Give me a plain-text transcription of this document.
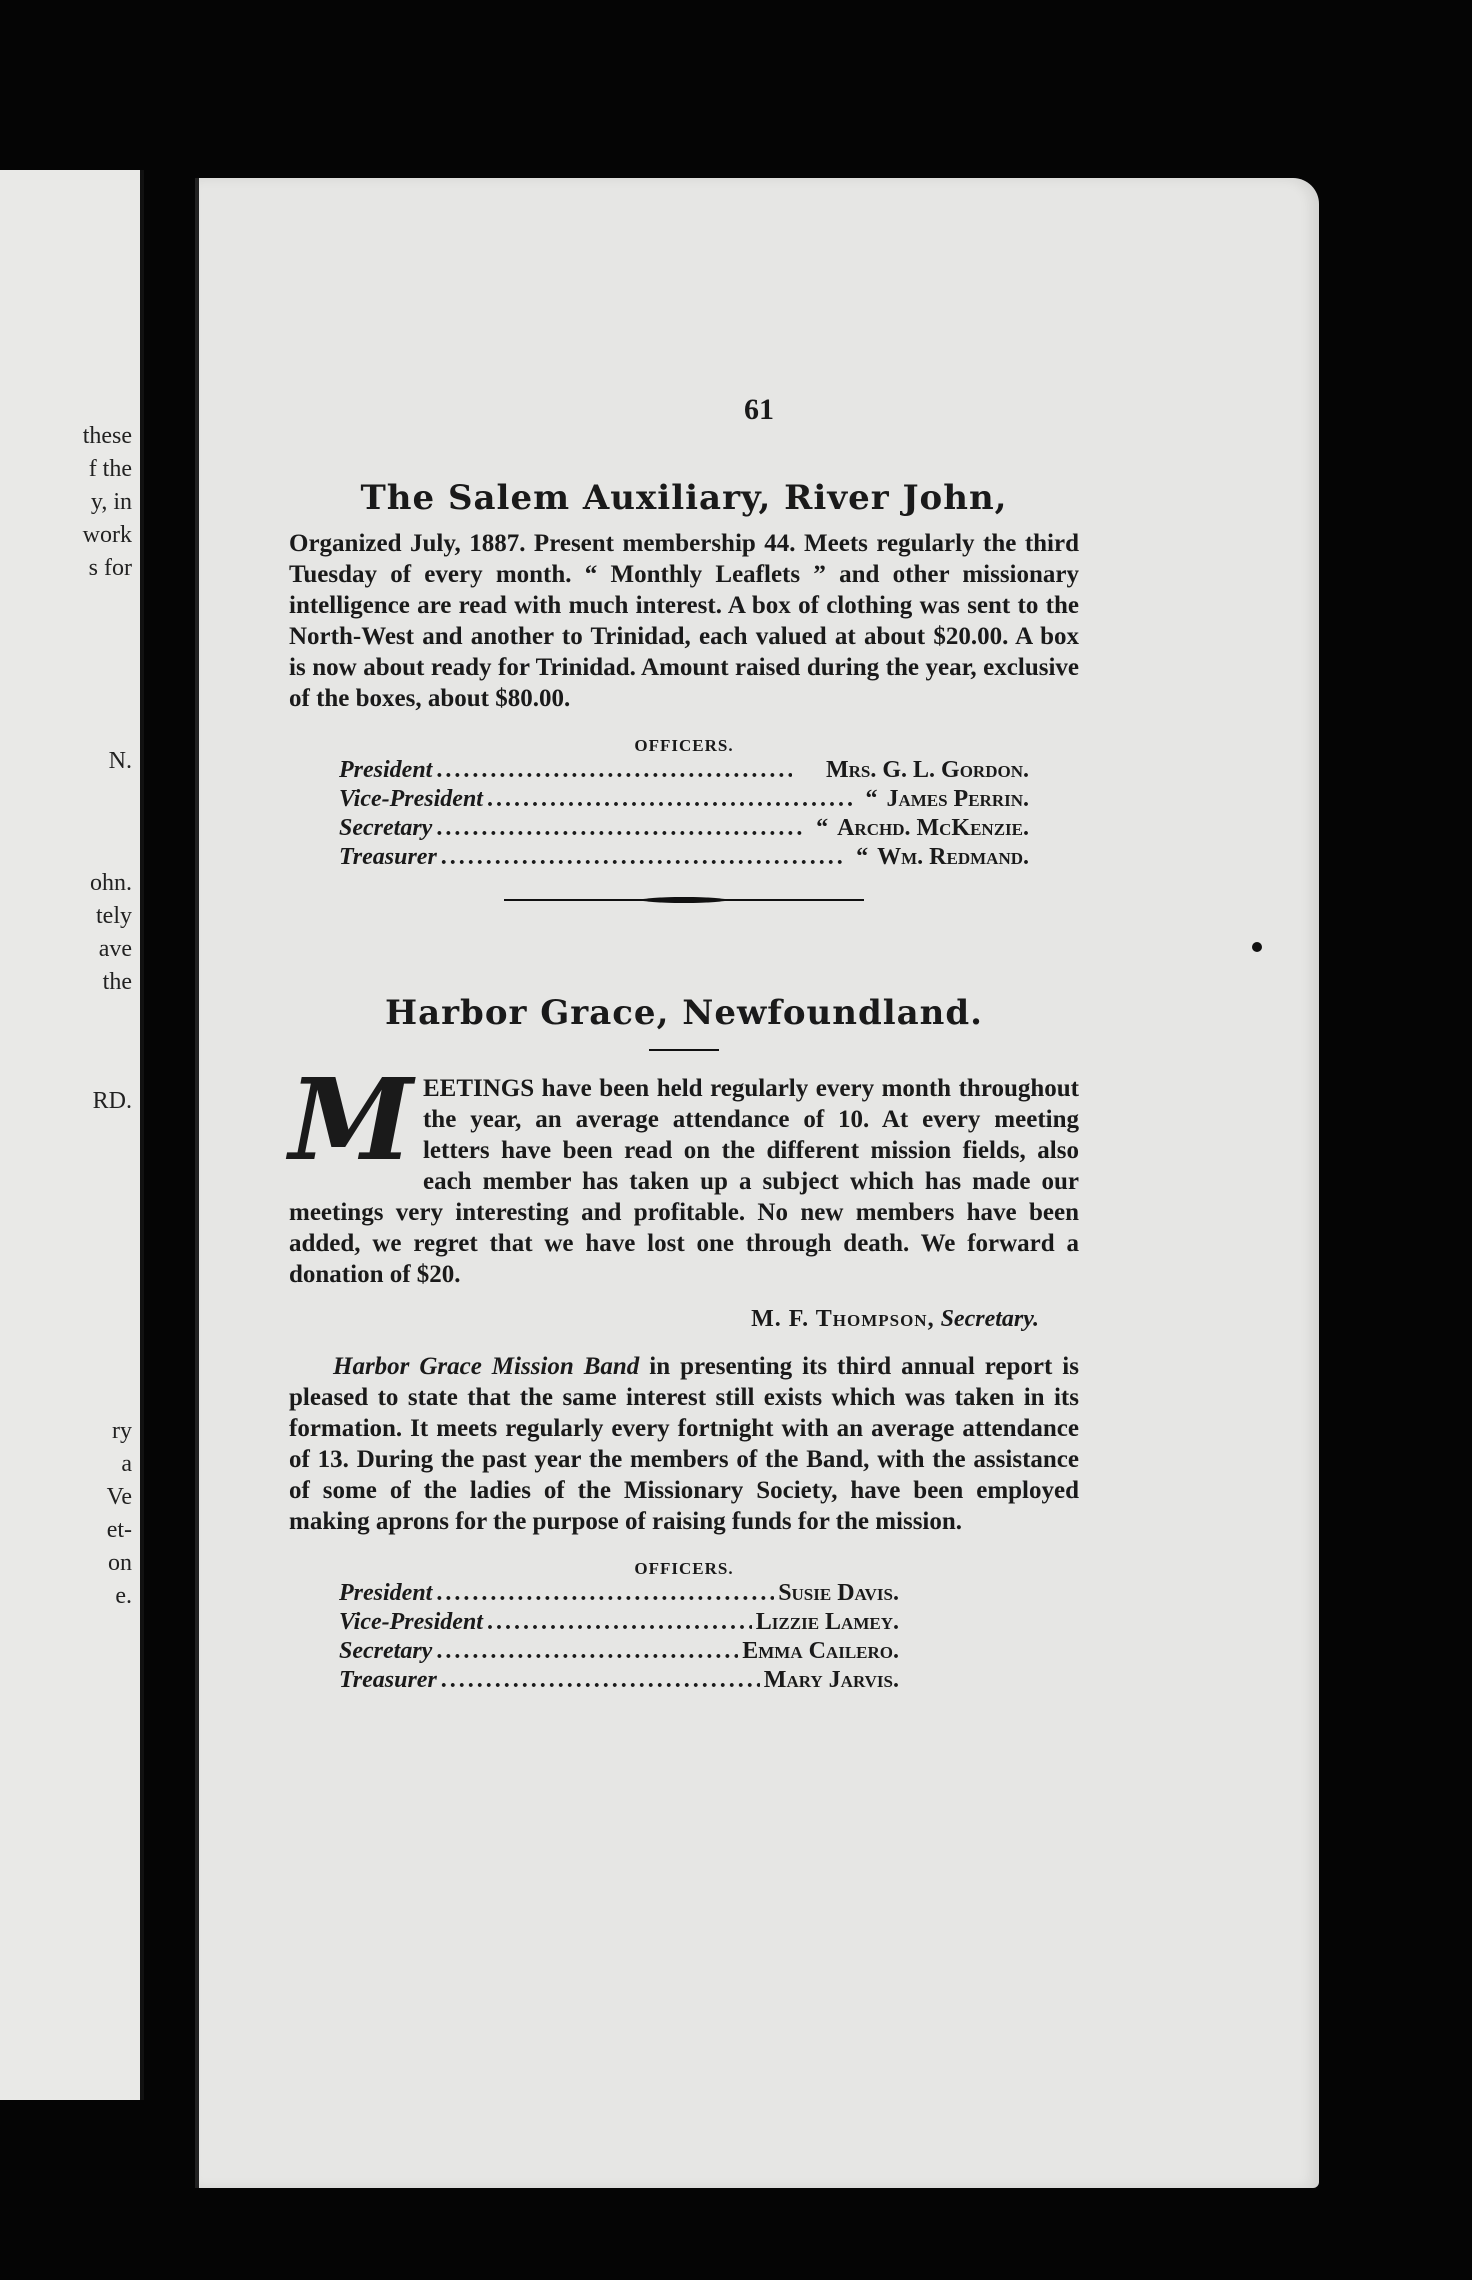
these
f the
y, in
work
s for
N.
ohn.
tely
ave
the
RD.
ry
a
Ve
et-
on
e.
61
The Salem Auxiliary, River John,
Organized July, 1887. Present membership 44. Meets regularly the third Tuesday of every month. “ Monthly Leaflets ” and other missionary intelligence are read with much interest. A box of clothing was sent to the North-West and another to Trinidad, each valued at about $20.00. A box is now about ready for Trinidad. Amount raised during the year, exclusive of the boxes, about $80.00.
OFFICERS.
President .....	Mrs. G. L. Gordon.
Vice-President .....	“ James Perrin.
Secretary .....	“ Archd. McKenzie.
Treasurer .....	“ Wm. Redmand.
Harbor Grace, Newfoundland.
MEETINGS have been held regularly every month throughout the year, an average attendance of 10. At every meeting letters have been read on the different mission fields, also each member has taken up a subject which has made our meetings very interesting and profitable. No new members have been added, we regret that we have lost one through death. We forward a donation of $20.
M. F. Thompson, Secretary.
Harbor Grace Mission Band in presenting its third annual report is pleased to state that the same interest still exists which was taken in its formation. It meets regularly every fortnight with an average attendance of 13. During the past year the members of the Band, with the assistance of some of the ladies of the Missionary Society, have been employed making aprons for the purpose of raising funds for the mission.
OFFICERS.
President .....	Susie Davis.
Vice-President .....	Lizzie Lamey.
Secretary .....	Emma Cailero.
Treasurer .....	Mary Jarvis.
